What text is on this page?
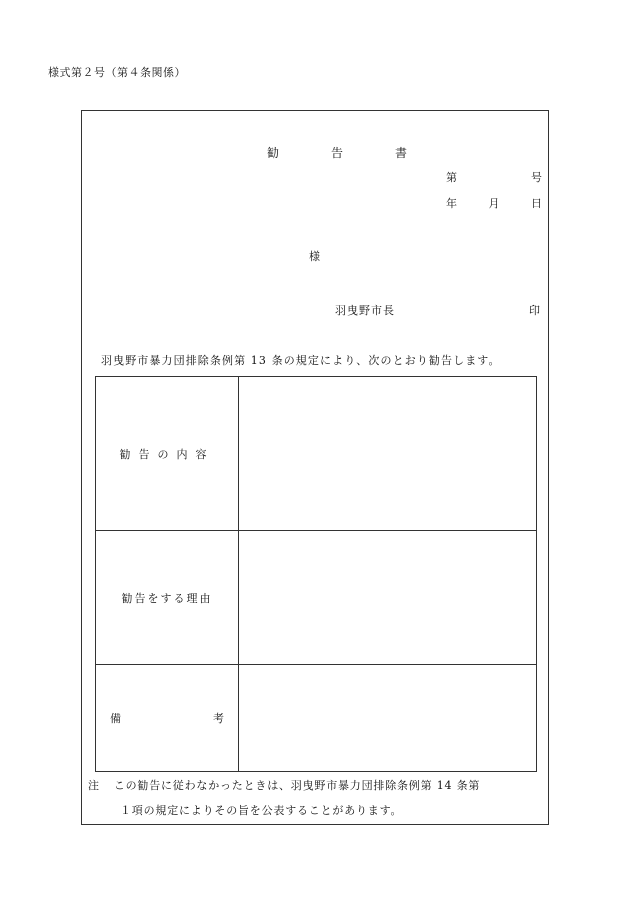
様式第２号（第４条関係）
勧　告　書
第	号
年	月	日
様
羽曳野市長	印
羽曳野市暴力団排除条例第 13 条の規定により、次のとおり勧告します。
勧告の内容	
勧告をする理由	

備 考	

注 この勧告に従わなかったときは、羽曳野市暴力団排除条例第 14 条第
１項の規定によりその旨を公表することがあります。
